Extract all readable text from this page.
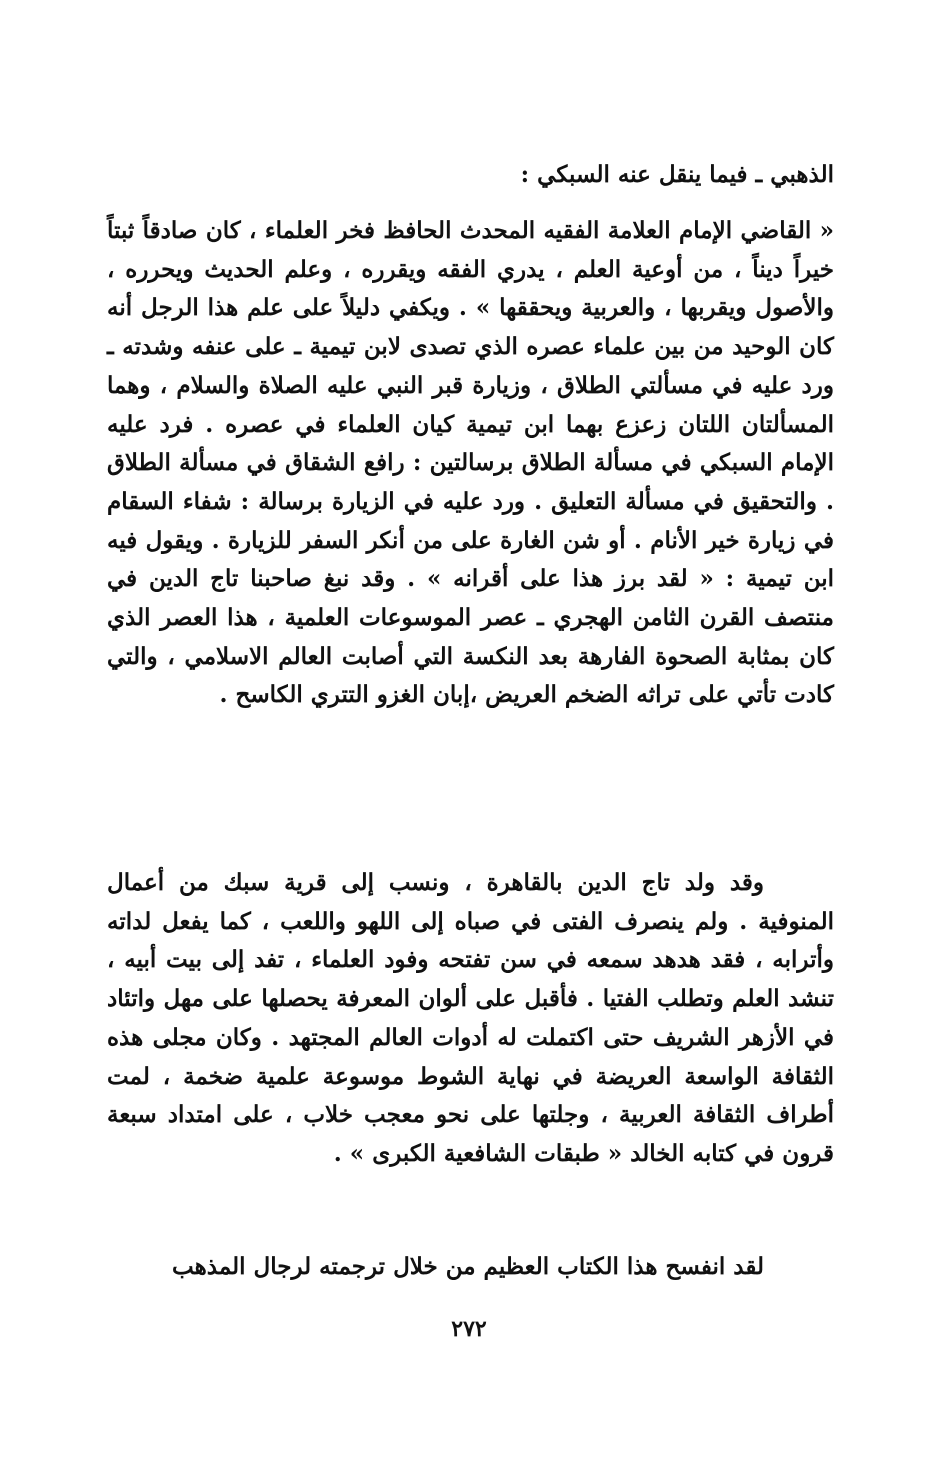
الذهبي ـ فيما ينقل عنه السبكي :

« القاضي الإمام العلامة الفقيه المحدث الحافظ فخر العلماء ، كان صادقاً ثبتاً خيراً ديناً ، من أوعية العلم ، يدري الفقه ويقرره ، وعلم الحديث ويحرره ، والأصول ويقربها ، والعربية ويحققها » . ويكفي دليلاً على علم هذا الرجل أنه كان الوحيد من بين علماء عصره الذي تصدى لابن تيمية ـ على عنفه وشدته ـ ورد عليه في مسألتي الطلاق ، وزيارة قبر النبي عليه الصلاة والسلام ، وهما المسألتان اللتان زعزع بهما ابن تيمية كيان العلماء في عصره . فرد عليه الإمام السبكي في مسألة الطلاق برسالتين : رافع الشقاق في مسألة الطلاق . والتحقيق في مسألة التعليق . ورد عليه في الزيارة برسالة : شفاء السقام في زيارة خير الأنام . أو شن الغارة على من أنكر السفر للزيارة . ويقول فيه ابن تيمية : « لقد برز هذا على أقرانه » . وقد نبغ صاحبنا تاج الدين في منتصف القرن الثامن الهجري ـ عصر الموسوعات العلمية ، هذا العصر الذي كان بمثابة الصحوة الفارهة بعد النكسة التي أصابت العالم الاسلامي ، والتي كادت تأتي على تراثه الضخم العريض ،إبان الغزو التتري الكاسح .

وقد ولد تاج الدين بالقاهرة ، ونسب إلى قرية سبك من أعمال المنوفية . ولم ينصرف الفتى في صباه إلى اللهو واللعب ، كما يفعل لداته وأترابه ، فقد هدهد سمعه في سن تفتحه وفود العلماء ، تفد إلى بيت أبيه ، تنشد العلم وتطلب الفتيا . فأقبل على ألوان المعرفة يحصلها على مهل واتئاد في الأزهر الشريف حتى اكتملت له أدوات العالم المجتهد . وكان مجلى هذه الثقافة الواسعة العريضة في نهاية الشوط موسوعة علمية ضخمة ، لمت أطراف الثقافة العربية ، وجلتها على نحو معجب خلاب ، على امتداد سبعة قرون في كتابه الخالد « طبقات الشافعية الكبرى » .

لقد انفسح هذا الكتاب العظيم من خلال ترجمته لرجال المذهب

٢٧٢
